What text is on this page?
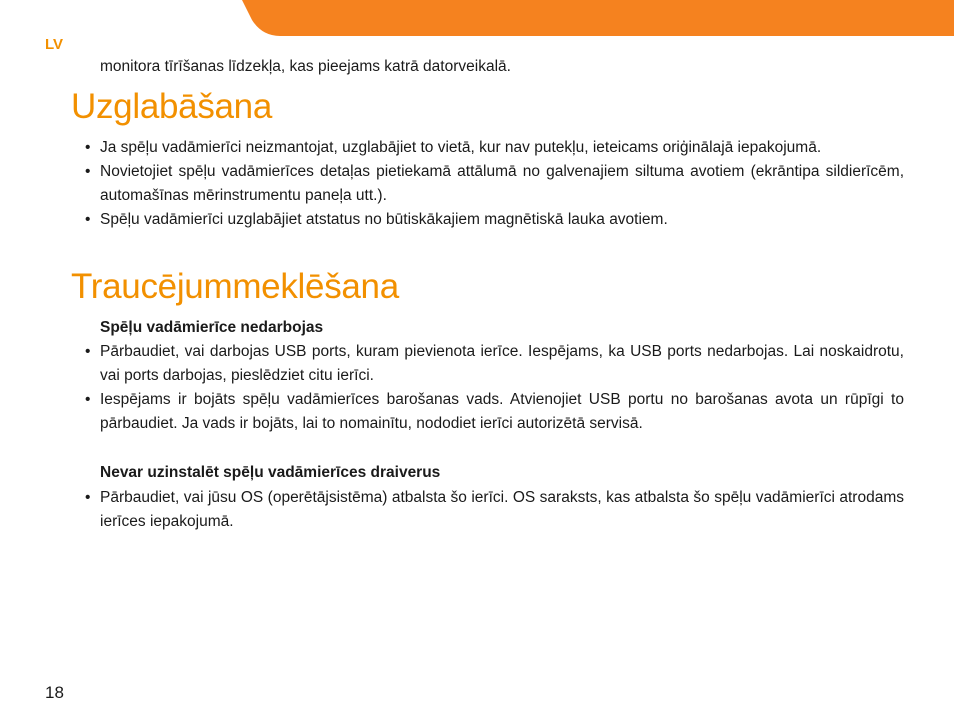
LV
monitora tīrīšanas līdzekļa, kas pieejams katrā datorveikalā.
Uzglabāšana
• Ja spēļu vadāmierīci neizmantojat, uzglabājiet to vietā, kur nav putekļu, ieteicams oriģinālajā iepakojumā.
• Novietojiet spēļu vadāmierīces detaļas pietiekamā attālumā no galvenajiem siltuma avotiem (ekrāntipa sildierīcēm, automašīnas mērinstrumentu paneļa utt.).
• Spēļu vadāmierīci uzglabājiet atstatus no būtiskākajiem magnētiskā lauka avotiem.
Traucējummeklēšana
Spēļu vadāmierīce nedarbojas
• Pārbaudiet, vai darbojas USB ports, kuram pievienota ierīce. Iespējams, ka USB ports nedarbojas. Lai noskaidrotu, vai ports darbojas, pieslēdziet citu ierīci.
• Iespējams ir bojāts spēļu vadāmierīces barošanas vads. Atvienojiet USB portu no barošanas avota un rūpīgi to pārbaudiet. Ja vads ir bojāts, lai to nomainītu, nododiet ierīci autorizētā servisā.
Nevar uzinstalēt spēļu vadāmierīces draiverus
• Pārbaudiet, vai jūsu OS (operētājsistēma) atbalsta šo ierīci. OS saraksts, kas atbalsta šo spēļu vadāmierīci atrodams ierīces iepakojumā.
18
